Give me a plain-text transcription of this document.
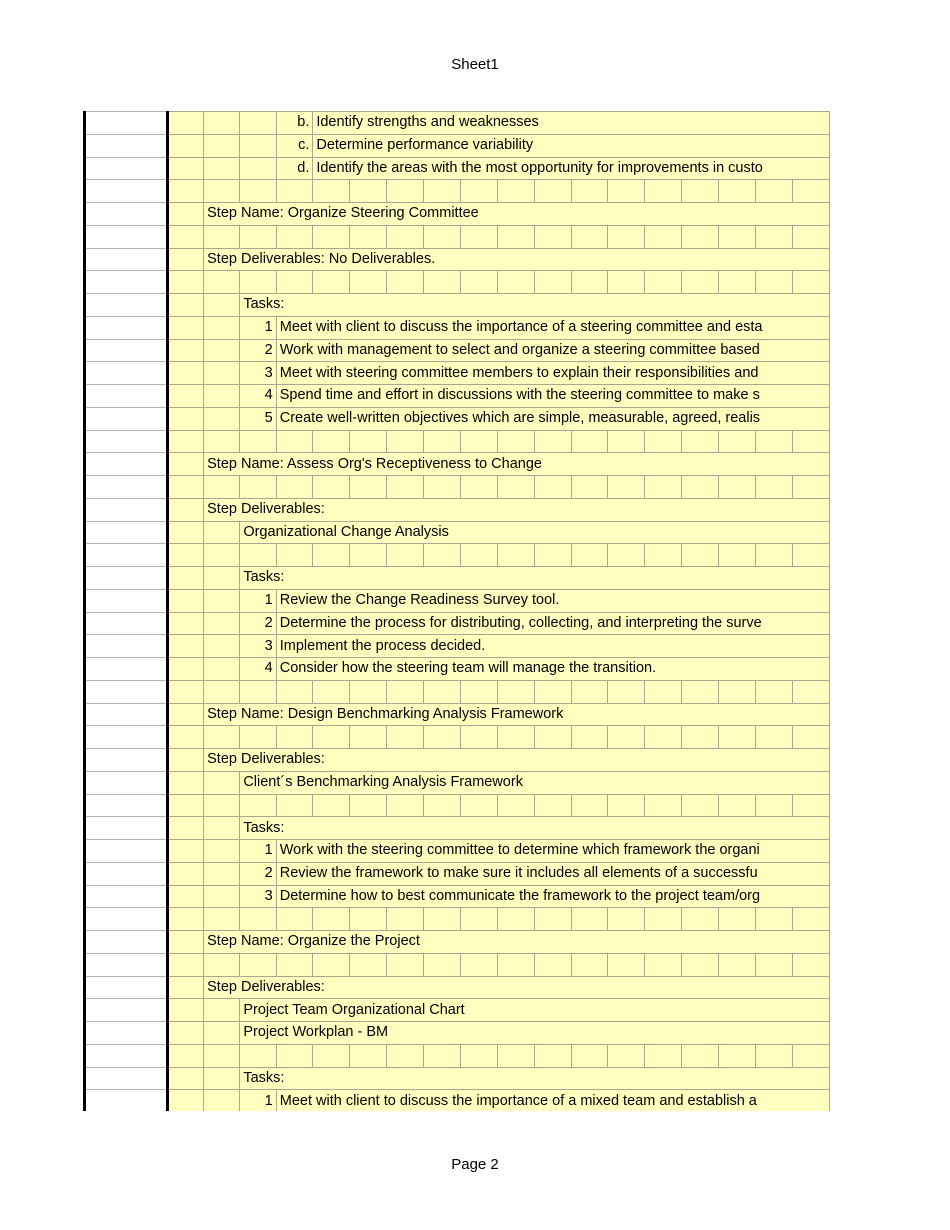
Sheet1
				b.	Identify strengths and weaknesses													
				c.	Determine performance variability													
				d.	Identify the areas with the most opportunity for improvements in custo													

		Step Name: Organize Steering Committee																

		Step Deliverables: No Deliverables.																

			Tasks:															
			1	Meet with client to discuss the importance of a steering committee and esta														
			2	Work with management to select and organize a steering committee based														
			3	Meet with steering committee members to explain their responsibilities and														
			4	Spend time and effort in discussions with the steering committee to make s														
			5	Create well-written objectives which are simple, measurable, agreed, realis														

		Step Name: Assess Org's Receptiveness to Change																

		Step Deliverables:																
			Organizational Change Analysis															

			Tasks:															
			1	Review the Change Readiness Survey tool.														
			2	Determine the process for distributing, collecting, and interpreting the surve														
			3	Implement the process decided.														
			4	Consider how the steering team will manage the transition.														

		Step Name: Design Benchmarking Analysis Framework																

		Step Deliverables:																
			Client´s Benchmarking Analysis Framework															

			Tasks:															
			1	Work with the steering committee to determine which framework the organi														
			2	Review the framework to make sure it includes all elements of a successfu														
			3	Determine how to best communicate the framework to the project team/org														

		Step Name: Organize the Project																

		Step Deliverables:																
			Project Team Organizational Chart															
			Project Workplan - BM															

			Tasks:															
			1	Meet with client to discuss the importance of a mixed team and establish a														
Page 2
